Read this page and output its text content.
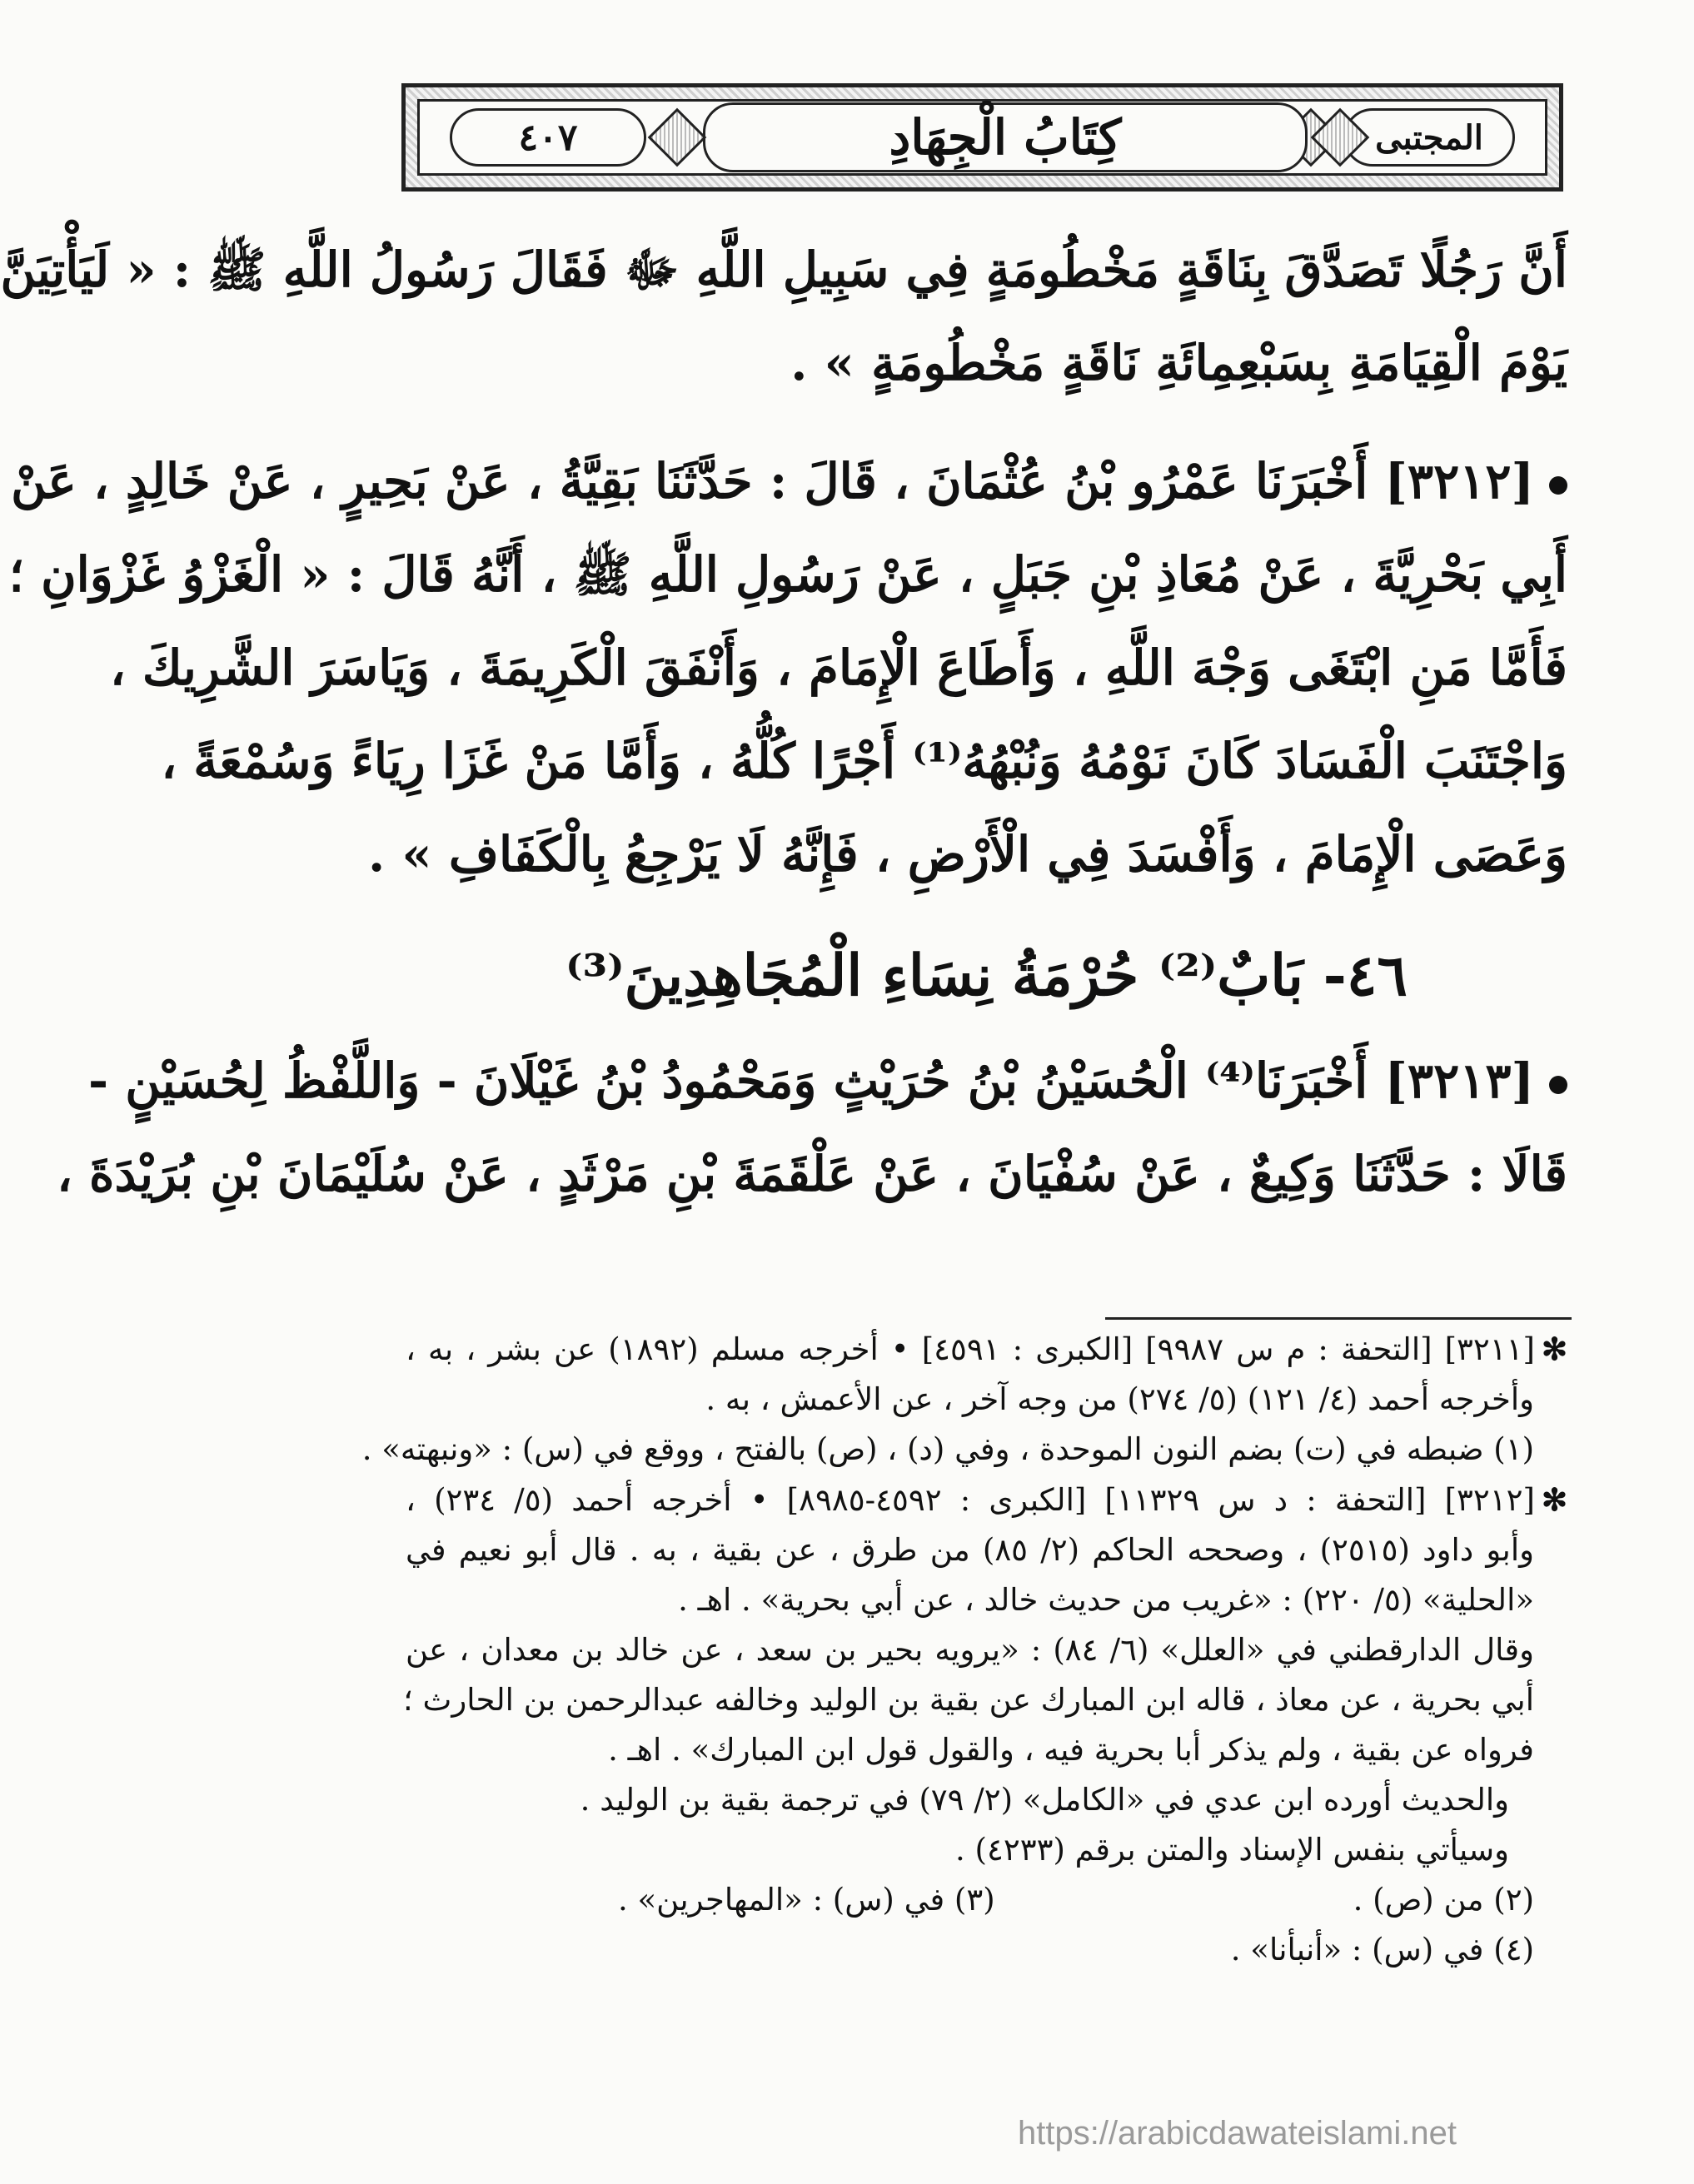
المجتبى
كِتَابُ الْجِهَادِ
٤٠٧
أَنَّ رَجُلًا تَصَدَّقَ بِنَاقَةٍ مَخْطُومَةٍ فِي سَبِيلِ اللَّهِ ﷻ فَقَالَ رَسُولُ اللَّهِ ﷺ : « لَيَأْتِيَنَّ
يَوْمَ الْقِيَامَةِ بِسَبْعِمِائَةِ نَاقَةٍ مَخْطُومَةٍ » .
[٣٢١٢] أَخْبَرَنَا عَمْرُو بْنُ عُثْمَانَ ، قَالَ : حَدَّثَنَا بَقِيَّةُ ، عَنْ بَحِيرٍ ، عَنْ خَالِدٍ ، عَنْ
أَبِي بَحْرِيَّةَ ، عَنْ مُعَاذِ بْنِ جَبَلٍ ، عَنْ رَسُولِ اللَّهِ ﷺ ، أَنَّهُ قَالَ : « الْغَزْوُ غَزْوَانِ ؛
فَأَمَّا مَنِ ابْتَغَى وَجْهَ اللَّهِ ، وَأَطَاعَ الْإِمَامَ ، وَأَنْفَقَ الْكَرِيمَةَ ، وَيَاسَرَ الشَّرِيكَ ،
وَاجْتَنَبَ الْفَسَادَ كَانَ نَوْمُهُ وَنُبْهُهُ⁽¹⁾ أَجْرًا كُلُّهُ ، وَأَمَّا مَنْ غَزَا رِيَاءً وَسُمْعَةً ،
وَعَصَى الْإِمَامَ ، وَأَفْسَدَ فِي الْأَرْضِ ، فَإِنَّهُ لَا يَرْجِعُ بِالْكَفَافِ » .
٤٦- بَابٌ⁽²⁾ حُرْمَةُ نِسَاءِ الْمُجَاهِدِينَ⁽³⁾
[٣٢١٣] أَخْبَرَنَا⁽⁴⁾ الْحُسَيْنُ بْنُ حُرَيْثٍ وَمَحْمُودُ بْنُ غَيْلَانَ - وَاللَّفْظُ لِحُسَيْنٍ -
قَالَا : حَدَّثَنَا وَكِيعٌ ، عَنْ سُفْيَانَ ، عَنْ عَلْقَمَةَ بْنِ مَرْثَدٍ ، عَنْ سُلَيْمَانَ بْنِ بُرَيْدَةَ ،
✻[٣٢١١] [التحفة : م س ٩٩٨٧] [الكبرى : ٤٥٩١] • أخرجه مسلم (١٨٩٢) عن بشر ، به ،
وأخرجه أحمد (٤/ ١٢١) (٥/ ٢٧٤) من وجه آخر ، عن الأعمش ، به .
(١) ضبطه في (ت) بضم النون الموحدة ، وفي (د) ، (ص) بالفتح ، ووقع في (س) : «ونبهته» .
✻[٣٢١٢] [التحفة : د س ١١٣٢٩] [الكبرى : ٤٥٩٢-٨٩٨٥] • أخرجه أحمد (٥/ ٢٣٤) ،
وأبو داود (٢٥١٥) ، وصححه الحاكم (٢/ ٨٥) من طرق ، عن بقية ، به . قال أبو نعيم في
«الحلية» (٥/ ٢٢٠) : «غريب من حديث خالد ، عن أبي بحرية» . اهـ .
وقال الدارقطني في «العلل» (٦/ ٨٤) : «يرويه بحير بن سعد ، عن خالد بن معدان ، عن
أبي بحرية ، عن معاذ ، قاله ابن المبارك عن بقية بن الوليد وخالفه عبدالرحمن بن الحارث ؛
فرواه عن بقية ، ولم يذكر أبا بحرية فيه ، والقول قول ابن المبارك» . اهـ .
والحديث أورده ابن عدي في «الكامل» (٢/ ٧٩) في ترجمة بقية بن الوليد .
وسيأتي بنفس الإسناد والمتن برقم (٤٢٣٣) .
(٢) من (ص) .
(٣) في (س) : «المهاجرين» .
(٤) في (س) : «أنبأنا» .
https://arabicdawateislami.net
